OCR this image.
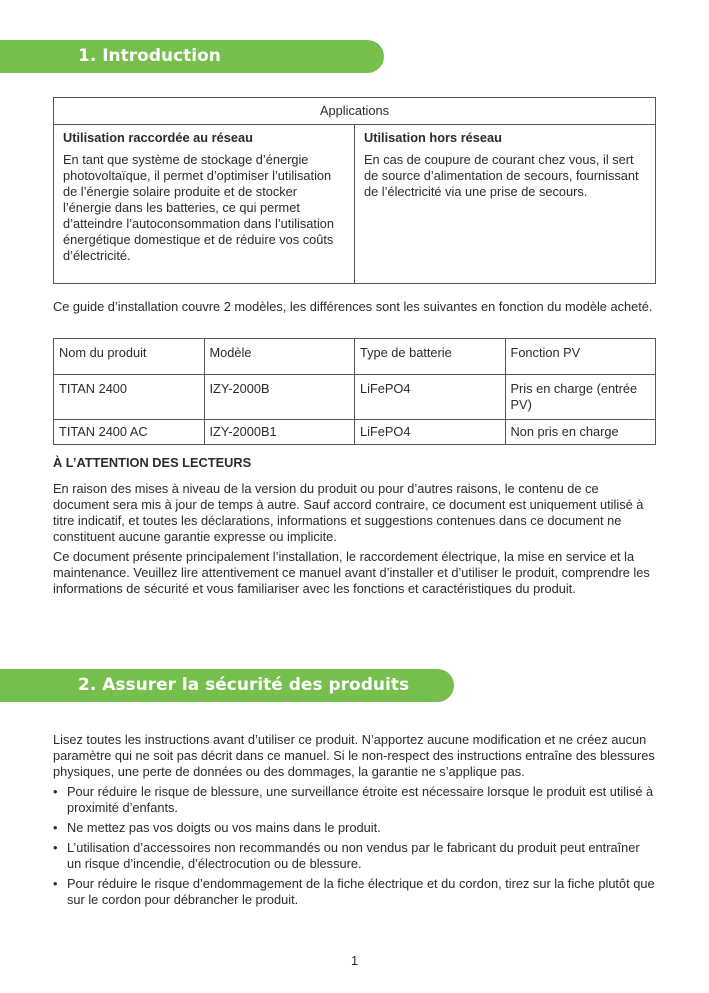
1. Introduction
Applications

Utilisation raccordée au réseau

En tant que système de stockage d’énergie photovoltaïque, il permet d’optimiser l’utilisation de l’énergie solaire produite et de stocker l’énergie dans les batteries, ce qui permet d’atteindre l’autoconsommation dans l’utilisation énergétique domestique et de réduire vos coûts d’électricité.

Utilisation hors réseau

En cas de coupure de courant chez vous, il sert de source d’alimentation de secours, fournissant de l’électricité via une prise de secours.

Ce guide d’installation couvre 2 modèles, les différences sont les suivantes en fonction du modèle acheté.

Nom du produit	Modèle	Type de batterie	Fonction PV
TITAN 2400	IZY-2000B	LiFePO4	Pris en charge (entrée PV)
TITAN 2400 AC	IZY-2000B1	LiFePO4	Non pris en charge

À L’ATTENTION DES LECTEURS

En raison des mises à niveau de la version du produit ou pour d’autres raisons, le contenu de ce document sera mis à jour de temps à autre. Sauf accord contraire, ce document est uniquement utilisé à titre indicatif, et toutes les déclarations, informations et suggestions contenues dans ce document ne constituent aucune garantie expresse ou implicite.

Ce document présente principalement l’installation, le raccordement électrique, la mise en service et la maintenance. Veuillez lire attentivement ce manuel avant d’installer et d’utiliser le produit, comprendre les informations de sécurité et vous familiariser avec les fonctions et caractéristiques du produit.

2. Assurer la sécurité des produits

Lisez toutes les instructions avant d’utiliser ce produit. N’apportez aucune modification et ne créez aucun paramètre qui ne soit pas décrit dans ce manuel. Si le non-respect des instructions entraîne des blessures physiques, une perte de données ou des dommages, la garantie ne s’applique pas.

• Pour réduire le risque de blessure, une surveillance étroite est nécessaire lorsque le produit est utilisé à proximité d’enfants.
• Ne mettez pas vos doigts ou vos mains dans le produit.
• L’utilisation d’accessoires non recommandés ou non vendus par le fabricant du produit peut entraîner un risque d’incendie, d’électrocution ou de blessure.
• Pour réduire le risque d’endommagement de la fiche électrique et du cordon, tirez sur la fiche plutôt que sur le cordon pour débrancher le produit.
1
